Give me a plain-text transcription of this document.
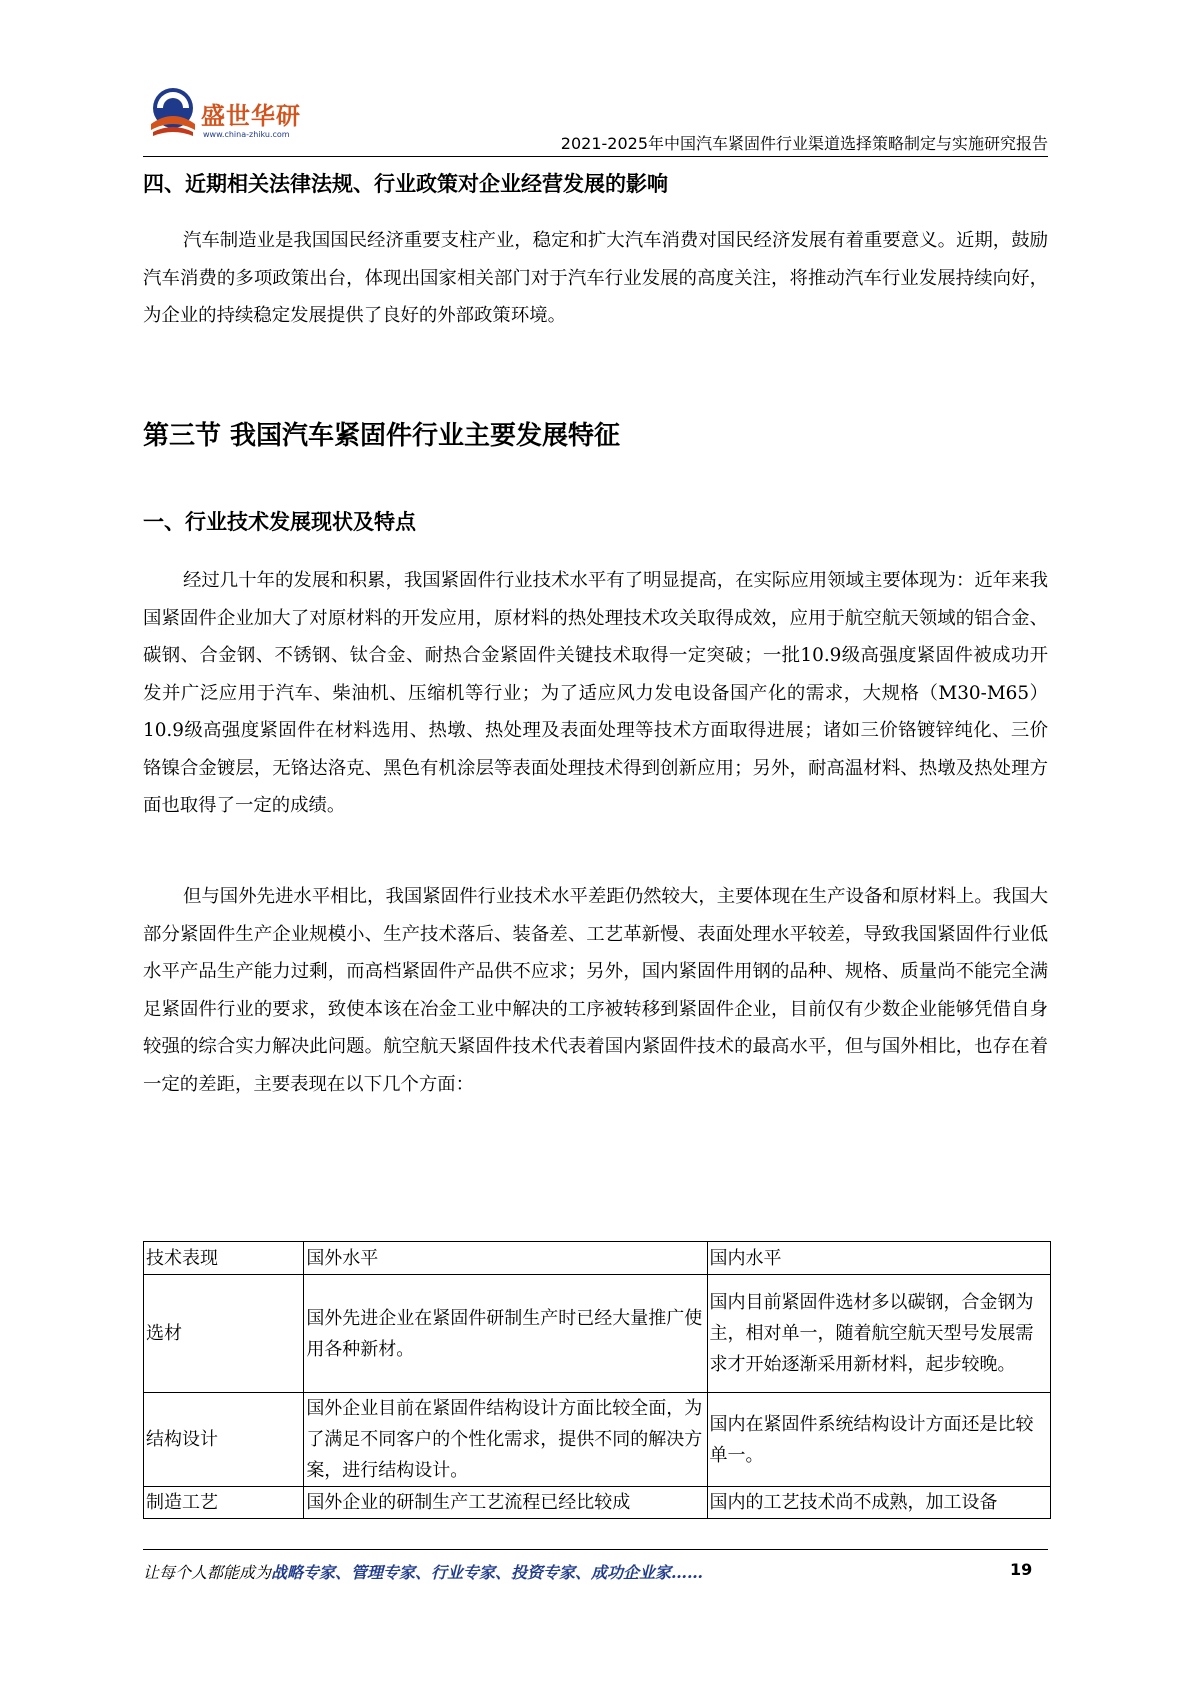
盛世华研
www.china-zhiku.com	2021-2025年中国汽车紧固件行业渠道选择策略制定与实施研究报告
四、近期相关法律法规、行业政策对企业经营发展的影响

汽车制造业是我国国民经济重要支柱产业，稳定和扩大汽车消费对国民经济发展有着重要意义。近期，鼓励汽车消费的多项政策出台，体现出国家相关部门对于汽车行业发展的高度关注，将推动汽车行业发展持续向好，为企业的持续稳定发展提供了良好的外部政策环境。

第三节 我国汽车紧固件行业主要发展特征
一、行业技术发展现状及特点

经过几十年的发展和积累，我国紧固件行业技术水平有了明显提高，在实际应用领域主要体现为：近年来我国紧固件企业加大了对原材料的开发应用，原材料的热处理技术攻关取得成效，应用于航空航天领域的铝合金、碳钢、合金钢、不锈钢、钛合金、耐热合金紧固件关键技术取得一定突破；一批10.9级高强度紧固件被成功开发并广泛应用于汽车、柴油机、压缩机等行业；为了适应风力发电设备国产化的需求，大规格（M30-M65）10.9级高强度紧固件在材料选用、热墩、热处理及表面处理等技术方面取得进展；诸如三价铬镀锌纯化、三价铬镍合金镀层，无铬达洛克、黑色有机涂层等表面处理技术得到创新应用；另外，耐高温材料、热墩及热处理方面也取得了一定的成绩。

但与国外先进水平相比，我国紧固件行业技术水平差距仍然较大，主要体现在生产设备和原材料上。我国大部分紧固件生产企业规模小、生产技术落后、装备差、工艺革新慢、表面处理水平较差，导致我国紧固件行业低水平产品生产能力过剩，而高档紧固件产品供不应求；另外，国内紧固件用钢的品种、规格、质量尚不能完全满足紧固件行业的要求，致使本该在冶金工业中解决的工序被转移到紧固件企业，目前仅有少数企业能够凭借自身较强的综合实力解决此问题。航空航天紧固件技术代表着国内紧固件技术的最高水平，但与国外相比，也存在着一定的差距，主要表现在以下几个方面：

技术表现	国外水平	国内水平
选材	国外先进企业在紧固件研制生产时已经大量推广使用各种新材。	国内目前紧固件选材多以碳钢，合金钢为主，相对单一，随着航空航天型号发展需求才开始逐渐采用新材料，起步较晚。
结构设计	国外企业目前在紧固件结构设计方面比较全面，为了满足不同客户的个性化需求，提供不同的解决方案，进行结构设计。	国内在紧固件系统结构设计方面还是比较单一。
制造工艺	国外企业的研制生产工艺流程已经比较成	国内的工艺技术尚不成熟，加工设备
让每个人都能成为战略专家、管理专家、行业专家、投资专家、成功企业家……	19
